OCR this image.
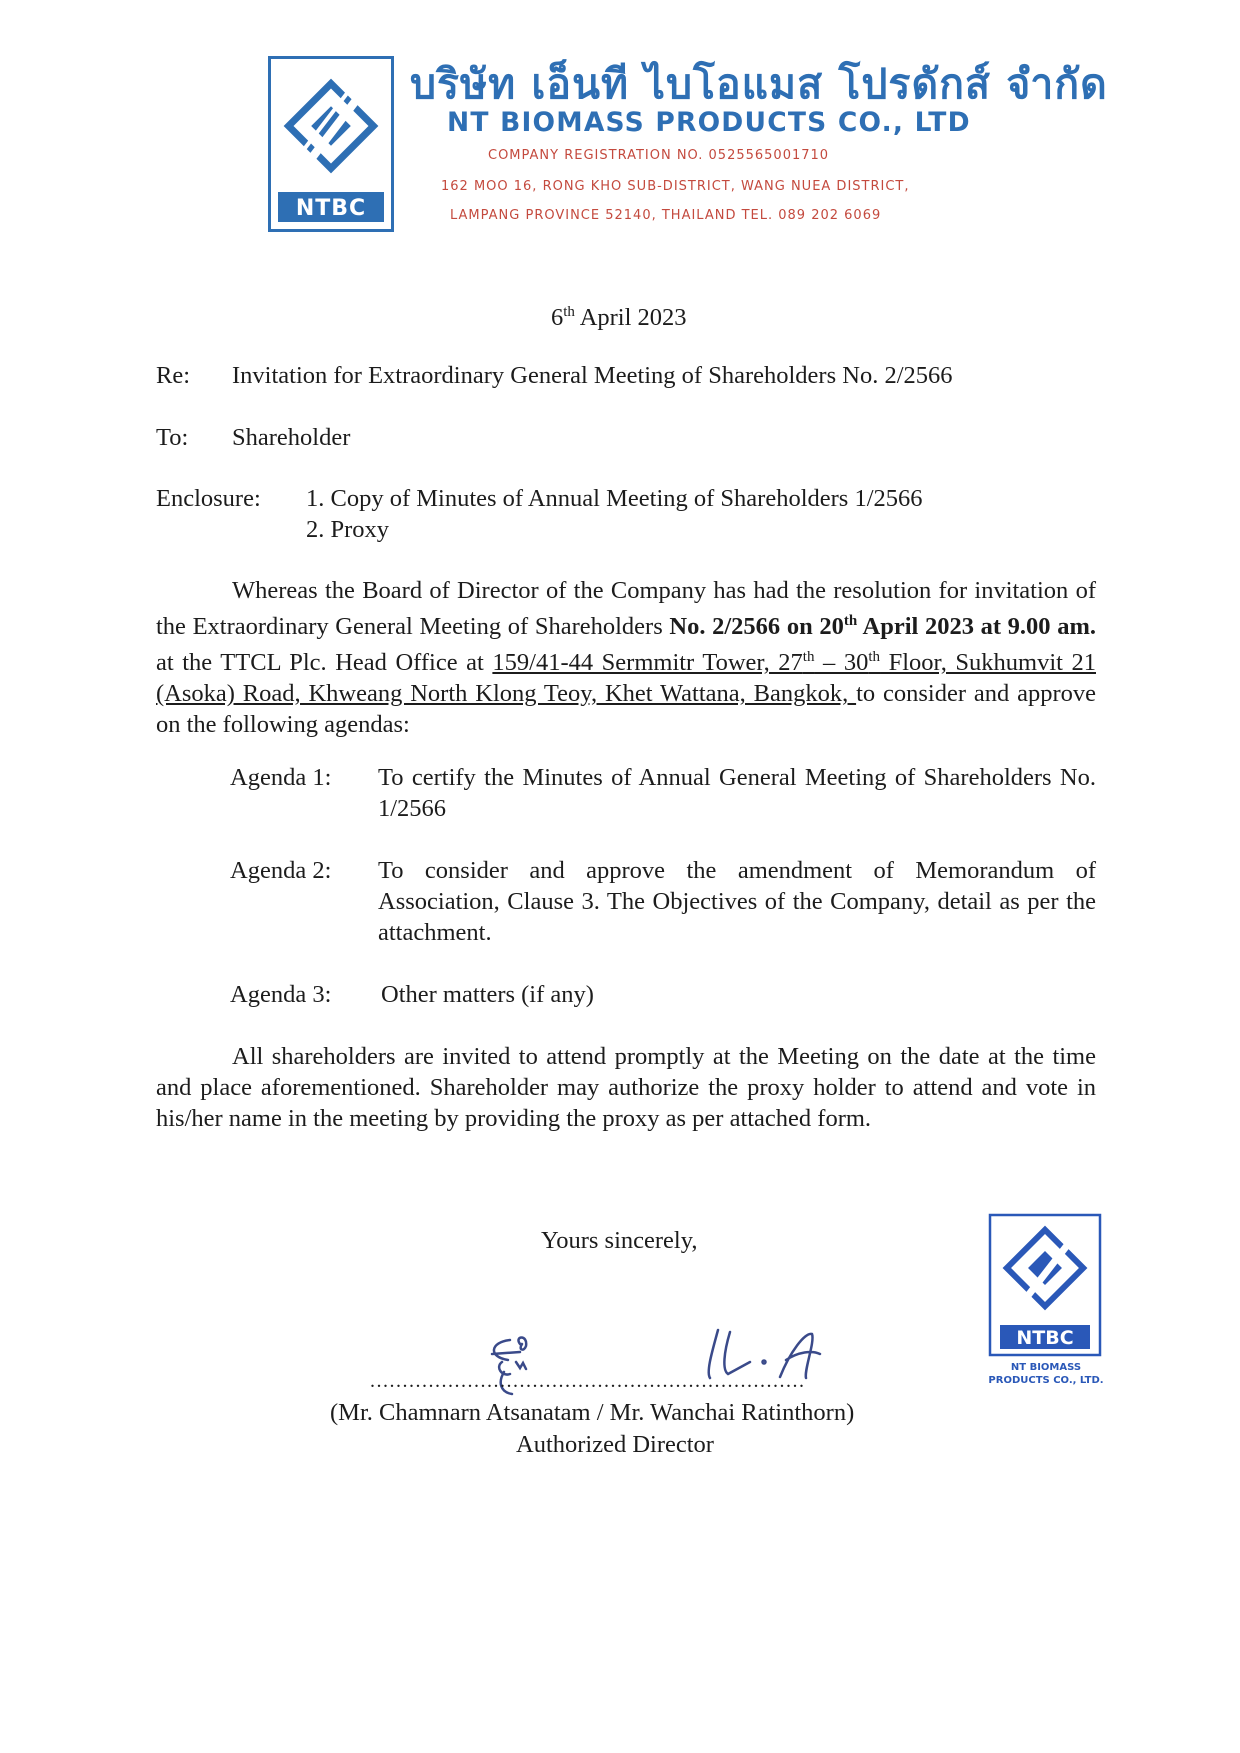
NTBC
บริษัท เอ็นที ไบโอแมส โปรดักส์ จำกัด
NT BIOMASS PRODUCTS CO., LTD
COMPANY REGISTRATION NO. 0525565001710
162 MOO 16, RONG KHO SUB-DISTRICT, WANG NUEA DISTRICT,
LAMPANG PROVINCE 52140, THAILAND TEL. 089 202 6069
6th April 2023
Re: Invitation for Extraordinary General Meeting of Shareholders No. 2/2566
To: Shareholder
Enclosure: 1. Copy of Minutes of Annual Meeting of Shareholders 1/2566
2. Proxy
Whereas the Board of Director of the Company has had the resolution for invitation of the Extraordinary General Meeting of Shareholders No. 2/2566 on 20th April 2023 at 9.00 am. at the TTCL Plc. Head Office at 159/41-44 Sermmitr Tower, 27th – 30th Floor, Sukhumvit 21 (Asoka) Road, Khweang North Klong Teoy, Khet Wattana, Bangkok, to consider and approve on the following agendas:
Agenda 1: To certify the Minutes of Annual General Meeting of Shareholders No. 1/2566
Agenda 2: To consider and approve the amendment of Memorandum of Association, Clause 3. The Objectives of the Company, detail as per the attachment.
Agenda 3: Other matters (if any)
All shareholders are invited to attend promptly at the Meeting on the date at the time and place aforementioned. Shareholder may authorize the proxy holder to attend and vote in his/her name in the meeting by providing the proxy as per attached form.
Yours sincerely,
...................................................................
(Mr. Chamnarn Atsanatam / Mr. Wanchai Ratinthorn)
Authorized Director
NTBC
NT BIOMASS
PRODUCTS CO., LTD.
